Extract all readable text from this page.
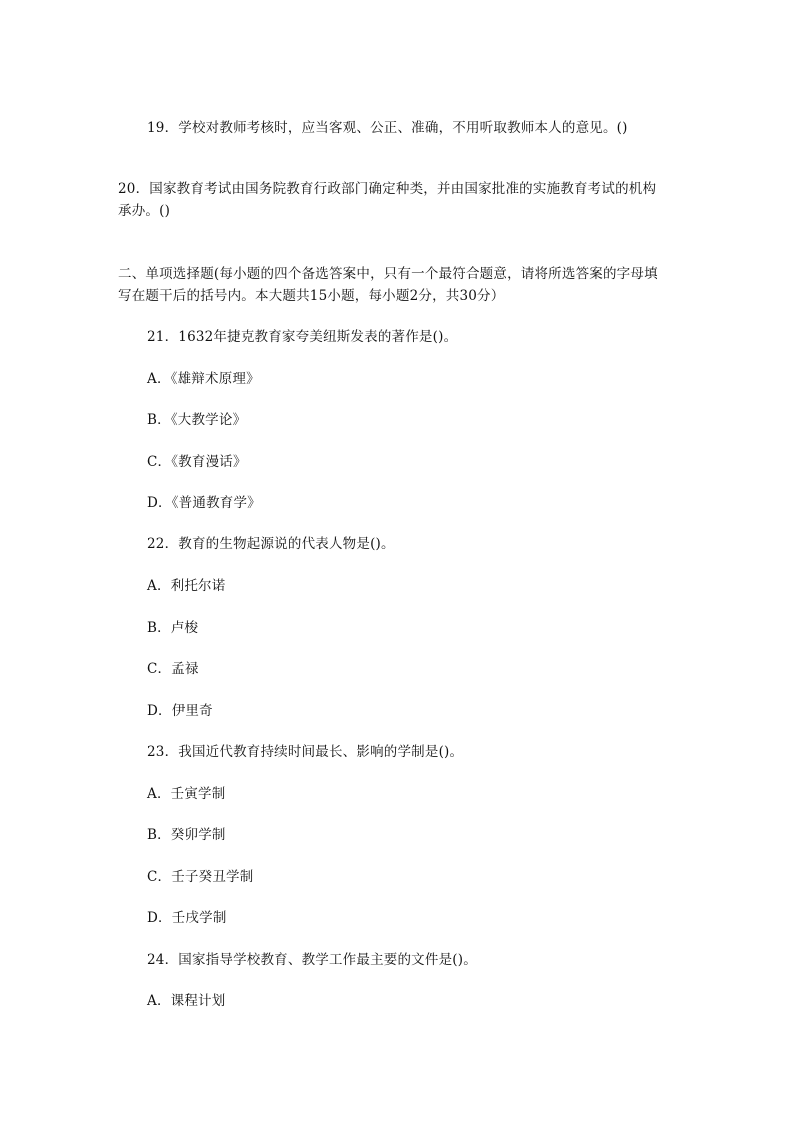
19．学校对教师考核时，应当客观、公正、准确，不用听取教师本人的意见。()
20．国家教育考试由国务院教育行政部门确定种类，并由国家批准的实施教育考试的机构
承办。()
二、单项选择题(每小题的四个备选答案中，只有一个最符合题意，请将所选答案的字母填
写在题干后的括号内。本大题共15小题，每小题2分，共30分）
21．1632年捷克教育家夸美纽斯发表的著作是()。
A．《雄辩术原理》
B．《大教学论》
C．《教育漫话》
D．《普通教育学》
22．教育的生物起源说的代表人物是()。
A．利托尔诺
B．卢梭
C．孟禄
D．伊里奇
23．我国近代教育持续时间最长、影响的学制是()。
A．壬寅学制
B．癸卯学制
C．壬子癸丑学制
D．壬戌学制
24．国家指导学校教育、教学工作最主要的文件是()。
A．课程计划
